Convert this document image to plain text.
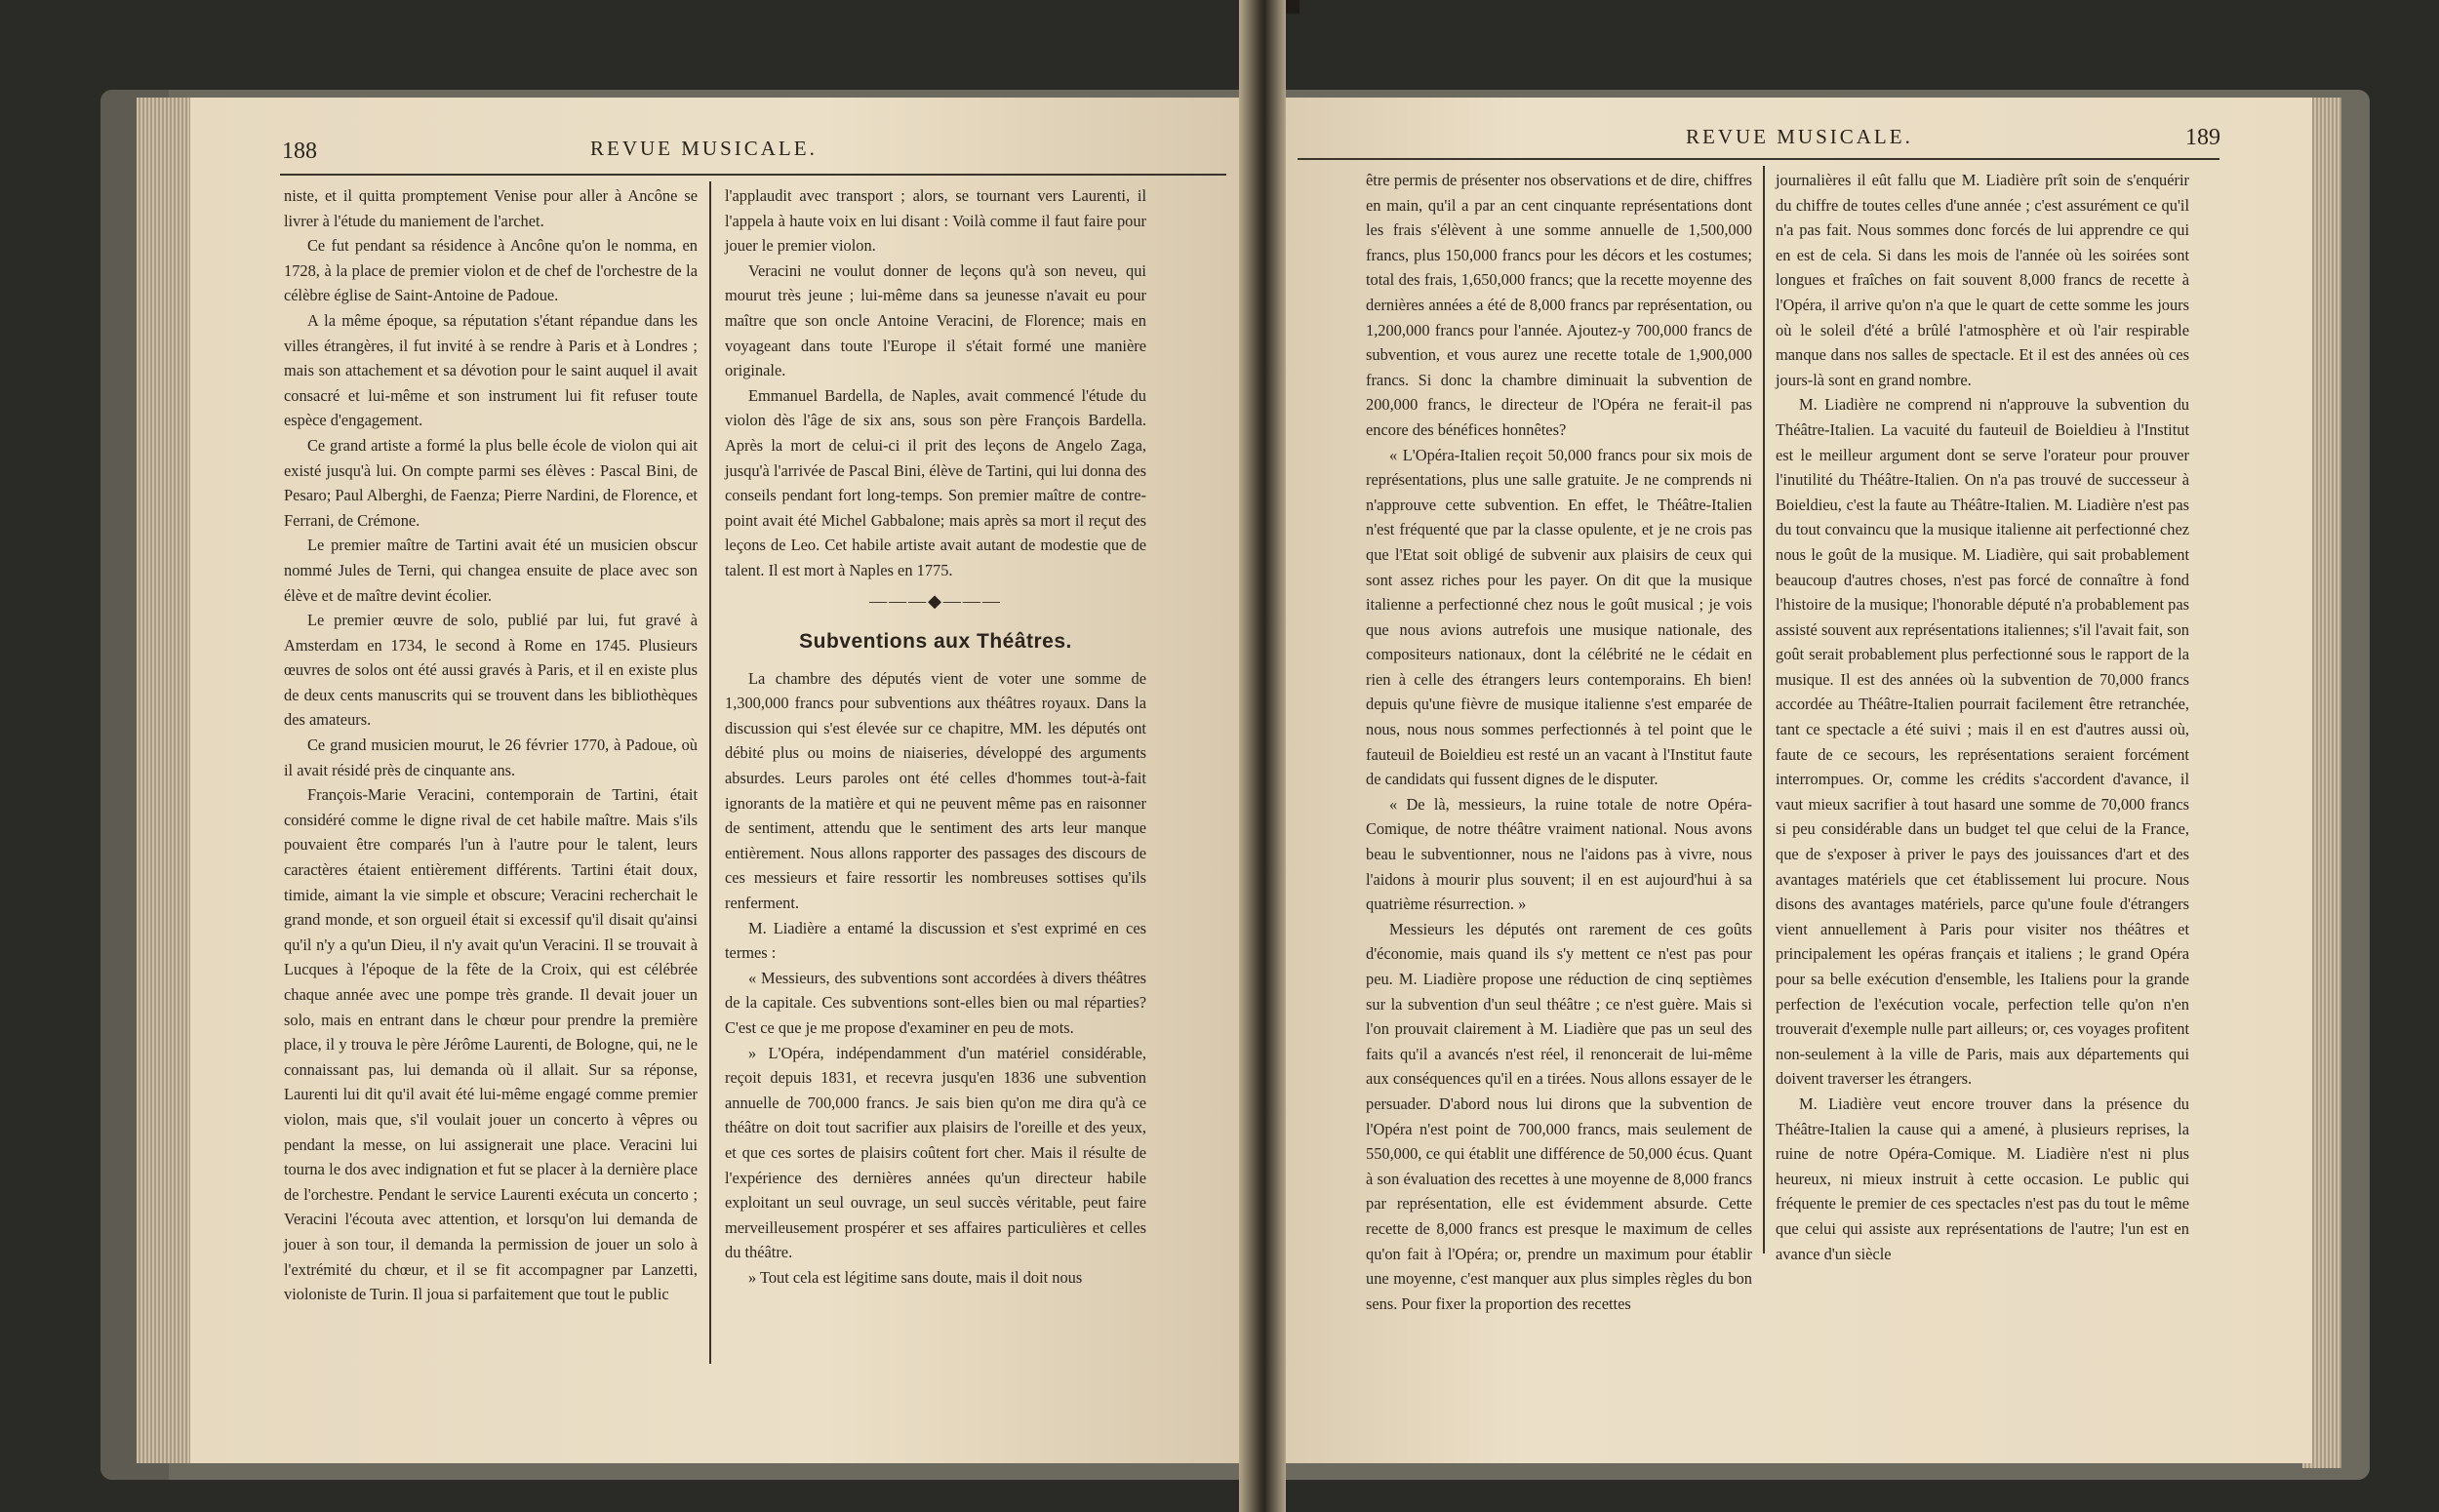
188	REVUE MUSICALE.

niste, et il quitta promptement Venise pour aller à Ancône se livrer à l'étude du maniement de l'archet.

Ce fut pendant sa résidence à Ancône qu'on le nomma, en 1728, à la place de premier violon et de chef de l'orchestre de la célèbre église de Saint-Antoine de Padoue.

A la même époque, sa réputation s'étant répandue dans les villes étrangères, il fut invité à se rendre à Paris et à Londres ; mais son attachement et sa dévotion pour le saint auquel il avait consacré et lui-même et son instrument lui fit refuser toute espèce d'engagement.

Ce grand artiste a formé la plus belle école de violon qui ait existé jusqu'à lui. On compte parmi ses élèves : Pascal Bini, de Pesaro; Paul Alberghi, de Faenza; Pierre Nardini, de Florence, et Ferrani, de Crémone.

Le premier maître de Tartini avait été un musicien obscur nommé Jules de Terni, qui changea ensuite de place avec son élève et de maître devint écolier.

Le premier œuvre de solo, publié par lui, fut gravé à Amsterdam en 1734, le second à Rome en 1745. Plusieurs œuvres de solos ont été aussi gravés à Paris, et il en existe plus de deux cents manuscrits qui se trouvent dans les bibliothèques des amateurs.

Ce grand musicien mourut, le 26 février 1770, à Padoue, où il avait résidé près de cinquante ans.

François-Marie Veracini, contemporain de Tartini, était considéré comme le digne rival de cet habile maître. Mais s'ils pouvaient être comparés l'un à l'autre pour le talent, leurs caractères étaient entièrement différents. Tartini était doux, timide, aimant la vie simple et obscure; Veracini recherchait le grand monde, et son orgueil était si excessif qu'il disait qu'ainsi qu'il n'y a qu'un Dieu, il n'y avait qu'un Veracini. Il se trouvait à Lucques à l'époque de la fête de la Croix, qui est célébrée chaque année avec une pompe très grande. Il devait jouer un solo, mais en entrant dans le chœur pour prendre la première place, il y trouva le père Jérôme Laurenti, de Bologne, qui, ne le connaissant pas, lui demanda où il allait. Sur sa réponse, Laurenti lui dit qu'il avait été lui-même engagé comme premier violon, mais que, s'il voulait jouer un concerto à vêpres ou pendant la messe, on lui assignerait une place. Veracini lui tourna le dos avec indignation et fut se placer à la dernière place de l'orchestre. Pendant le service Laurenti exécuta un concerto ; Veracini l'écouta avec attention, et lorsqu'on lui demanda de jouer à son tour, il demanda la permission de jouer un solo à l'extrémité du chœur, et il se fit accompagner par Lanzetti, violoniste de Turin. Il joua si parfaitement que tout le public

l'applaudit avec transport ; alors, se tournant vers Laurenti, il l'appela à haute voix en lui disant : Voilà comme il faut faire pour jouer le premier violon.

Veracini ne voulut donner de leçons qu'à son neveu, qui mourut très jeune ; lui-même dans sa jeunesse n'avait eu pour maître que son oncle Antoine Veracini, de Florence; mais en voyageant dans toute l'Europe il s'était formé une manière originale.

Emmanuel Bardella, de Naples, avait commencé l'étude du violon dès l'âge de six ans, sous son père François Bardella. Après la mort de celui-ci il prit des leçons de Angelo Zaga, jusqu'à l'arrivée de Pascal Bini, élève de Tartini, qui lui donna des conseils pendant fort long-temps. Son premier maître de contre-point avait été Michel Gabbalone; mais après sa mort il reçut des leçons de Leo. Cet habile artiste avait autant de modestie que de talent. Il est mort à Naples en 1775.

———◆———
Subventions aux Théâtres.

La chambre des députés vient de voter une somme de 1,300,000 francs pour subventions aux théâtres royaux. Dans la discussion qui s'est élevée sur ce chapitre, MM. les députés ont débité plus ou moins de niaiseries, développé des arguments absurdes. Leurs paroles ont été celles d'hommes tout-à-fait ignorants de la matière et qui ne peuvent même pas en raisonner de sentiment, attendu que le sentiment des arts leur manque entièrement. Nous allons rapporter des passages des discours de ces messieurs et faire ressortir les nombreuses sottises qu'ils renferment.

M. Liadière a entamé la discussion et s'est exprimé en ces termes :

« Messieurs, des subventions sont accordées à divers théâtres de la capitale. Ces subventions sont-elles bien ou mal réparties? C'est ce que je me propose d'examiner en peu de mots.

» L'Opéra, indépendamment d'un matériel considérable, reçoit depuis 1831, et recevra jusqu'en 1836 une subvention annuelle de 700,000 francs. Je sais bien qu'on me dira qu'à ce théâtre on doit tout sacrifier aux plaisirs de l'oreille et des yeux, et que ces sortes de plaisirs coûtent fort cher. Mais il résulte de l'expérience des dernières années qu'un directeur habile exploitant un seul ouvrage, un seul succès véritable, peut faire merveilleusement prospérer et ses affaires particulières et celles du théâtre.

» Tout cela est légitime sans doute, mais il doit nous

REVUE MUSICALE.	189

être permis de présenter nos observations et de dire, chiffres en main, qu'il a par an cent cinquante représentations dont les frais s'élèvent à une somme annuelle de 1,500,000 francs, plus 150,000 francs pour les décors et les costumes; total des frais, 1,650,000 francs; que la recette moyenne des dernières années a été de 8,000 francs par représentation, ou 1,200,000 francs pour l'année. Ajoutez-y 700,000 francs de subvention, et vous aurez une recette totale de 1,900,000 francs. Si donc la chambre diminuait la subvention de 200,000 francs, le directeur de l'Opéra ne ferait-il pas encore des bénéfices honnêtes?

« L'Opéra-Italien reçoit 50,000 francs pour six mois de représentations, plus une salle gratuite. Je ne comprends ni n'approuve cette subvention. En effet, le Théâtre-Italien n'est fréquenté que par la classe opulente, et je ne crois pas que l'Etat soit obligé de subvenir aux plaisirs de ceux qui sont assez riches pour les payer. On dit que la musique italienne a perfectionné chez nous le goût musical ; je vois que nous avions autrefois une musique nationale, des compositeurs nationaux, dont la célébrité ne le cédait en rien à celle des étrangers leurs contemporains. Eh bien! depuis qu'une fièvre de musique italienne s'est emparée de nous, nous nous sommes perfectionnés à tel point que le fauteuil de Boieldieu est resté un an vacant à l'Institut faute de candidats qui fussent dignes de le disputer.

« De là, messieurs, la ruine totale de notre Opéra-Comique, de notre théâtre vraiment national. Nous avons beau le subventionner, nous ne l'aidons pas à vivre, nous l'aidons à mourir plus souvent; il en est aujourd'hui à sa quatrième résurrection. »

Messieurs les députés ont rarement de ces goûts d'économie, mais quand ils s'y mettent ce n'est pas pour peu. M. Liadière propose une réduction de cinq septièmes sur la subvention d'un seul théâtre ; ce n'est guère. Mais si l'on prouvait clairement à M. Liadière que pas un seul des faits qu'il a avancés n'est réel, il renoncerait de lui-même aux conséquences qu'il en a tirées. Nous allons essayer de le persuader. D'abord nous lui dirons que la subvention de l'Opéra n'est point de 700,000 francs, mais seulement de 550,000, ce qui établit une différence de 50,000 écus. Quant à son évaluation des recettes à une moyenne de 8,000 francs par représentation, elle est évidemment absurde. Cette recette de 8,000 francs est presque le maximum de celles qu'on fait à l'Opéra; or, prendre un maximum pour établir une moyenne, c'est manquer aux plus simples règles du bon sens. Pour fixer la proportion des recettes

journalières il eût fallu que M. Liadière prît soin de s'enquérir du chiffre de toutes celles d'une année ; c'est assurément ce qu'il n'a pas fait. Nous sommes donc forcés de lui apprendre ce qui en est de cela. Si dans les mois de l'année où les soirées sont longues et fraîches on fait souvent 8,000 francs de recette à l'Opéra, il arrive qu'on n'a que le quart de cette somme les jours où le soleil d'été a brûlé l'atmosphère et où l'air respirable manque dans nos salles de spectacle. Et il est des années où ces jours-là sont en grand nombre.

M. Liadière ne comprend ni n'approuve la subvention du Théâtre-Italien. La vacuité du fauteuil de Boieldieu à l'Institut est le meilleur argument dont se serve l'orateur pour prouver l'inutilité du Théâtre-Italien. On n'a pas trouvé de successeur à Boieldieu, c'est la faute au Théâtre-Italien. M. Liadière n'est pas du tout convaincu que la musique italienne ait perfectionné chez nous le goût de la musique. M. Liadière, qui sait probablement beaucoup d'autres choses, n'est pas forcé de connaître à fond l'histoire de la musique; l'honorable député n'a probablement pas assisté souvent aux représentations italiennes; s'il l'avait fait, son goût serait probablement plus perfectionné sous le rapport de la musique. Il est des années où la subvention de 70,000 francs accordée au Théâtre-Italien pourrait facilement être retranchée, tant ce spectacle a été suivi ; mais il en est d'autres aussi où, faute de ce secours, les représentations seraient forcément interrompues. Or, comme les crédits s'accordent d'avance, il vaut mieux sacrifier à tout hasard une somme de 70,000 francs si peu considérable dans un budget tel que celui de la France, que de s'exposer à priver le pays des jouissances d'art et des avantages matériels que cet établissement lui procure. Nous disons des avantages matériels, parce qu'une foule d'étrangers vient annuellement à Paris pour visiter nos théâtres et principalement les opéras français et italiens ; le grand Opéra pour sa belle exécution d'ensemble, les Italiens pour la grande perfection de l'exécution vocale, perfection telle qu'on n'en trouverait d'exemple nulle part ailleurs; or, ces voyages profitent non-seulement à la ville de Paris, mais aux départements qui doivent traverser les étrangers.

M. Liadière veut encore trouver dans la présence du Théâtre-Italien la cause qui a amené, à plusieurs reprises, la ruine de notre Opéra-Comique. M. Liadière n'est ni plus heureux, ni mieux instruit à cette occasion. Le public qui fréquente le premier de ces spectacles n'est pas du tout le même que celui qui assiste aux représentations de l'autre; l'un est en avance d'un siècle
